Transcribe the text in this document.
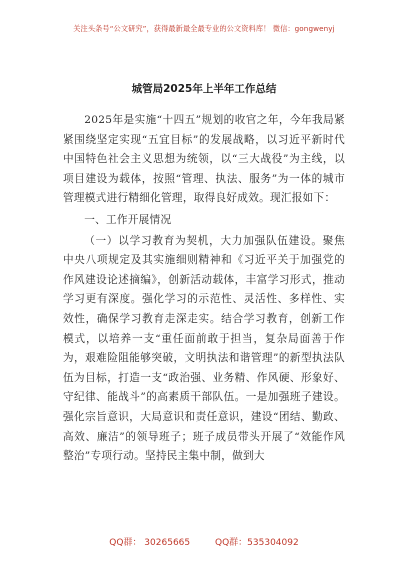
关注头条号“公文研究”，获得最新最全最专业的公文资料库！ 微信：gongwenyj
城管局2025年上半年工作总结

2025年是实施“十四五”规划的收官之年，今年我局紧紧围绕坚定实现“五宜目标”的发展战略，以习近平新时代中国特色社会主义思想为统领，以“三大战役”为主线，以项目建设为载体，按照“管理、执法、服务”为一体的城市管理模式进行精细化管理，取得良好成效。现汇报如下：

一、工作开展情况

（一）以学习教育为契机，大力加强队伍建设。聚焦中央八项规定及其实施细则精神和《习近平关于加强党的作风建设论述摘编》，创新活动载体，丰富学习形式，推动学习更有深度。强化学习的示范性、灵活性、多样性、实效性，确保学习教育走深走实。结合学习教育，创新工作模式，以培养一支“重任面前敢于担当，复杂局面善于作为，艰难险阻能够突破，文明执法和谐管理”的新型执法队伍为目标，打造一支“政治强、业务精、作风硬、形象好、守纪律、能战斗”的高素质干部队伍。一是加强班子建设。强化宗旨意识，大局意识和责任意识，建设“团结、勤政、高效、廉洁”的领导班子；班子成员带头开展了“效能作风整治”专项行动。坚持民主集中制，做到大

QQ群： 30265665	QQ群：535304092
